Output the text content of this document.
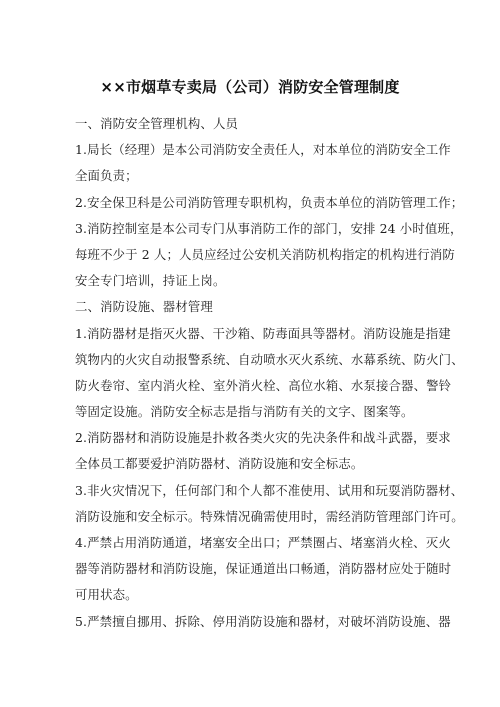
××市烟草专卖局（公司）消防安全管理制度
一、消防安全管理机构、人员
1.局长（经理）是本公司消防安全责任人，对本单位的消防安全工作
全面负责；
2.安全保卫科是公司消防管理专职机构，负责本单位的消防管理工作；
3.消防控制室是本公司专门从事消防工作的部门，安排 24 小时值班，
每班不少于 2 人；人员应经过公安机关消防机构指定的机构进行消防
安全专门培训，持证上岗。
二、消防设施、器材管理
1.消防器材是指灭火器、干沙箱、防毒面具等器材。消防设施是指建
筑物内的火灾自动报警系统、自动喷水灭火系统、水幕系统、防火门、
防火卷帘、室内消火栓、室外消火栓、高位水箱、水泵接合器、警铃
等固定设施。消防安全标志是指与消防有关的文字、图案等。
2.消防器材和消防设施是扑救各类火灾的先决条件和战斗武器，要求
全体员工都要爱护消防器材、消防设施和安全标志。
3.非火灾情况下，任何部门和个人都不准使用、试用和玩耍消防器材、
消防设施和安全标示。特殊情况确需使用时，需经消防管理部门许可。
4.严禁占用消防通道，堵塞安全出口；严禁圈占、堵塞消火栓、灭火
器等消防器材和消防设施，保证通道出口畅通，消防器材应处于随时
可用状态。
5.严禁擅自挪用、拆除、停用消防设施和器材，对破坏消防设施、器
